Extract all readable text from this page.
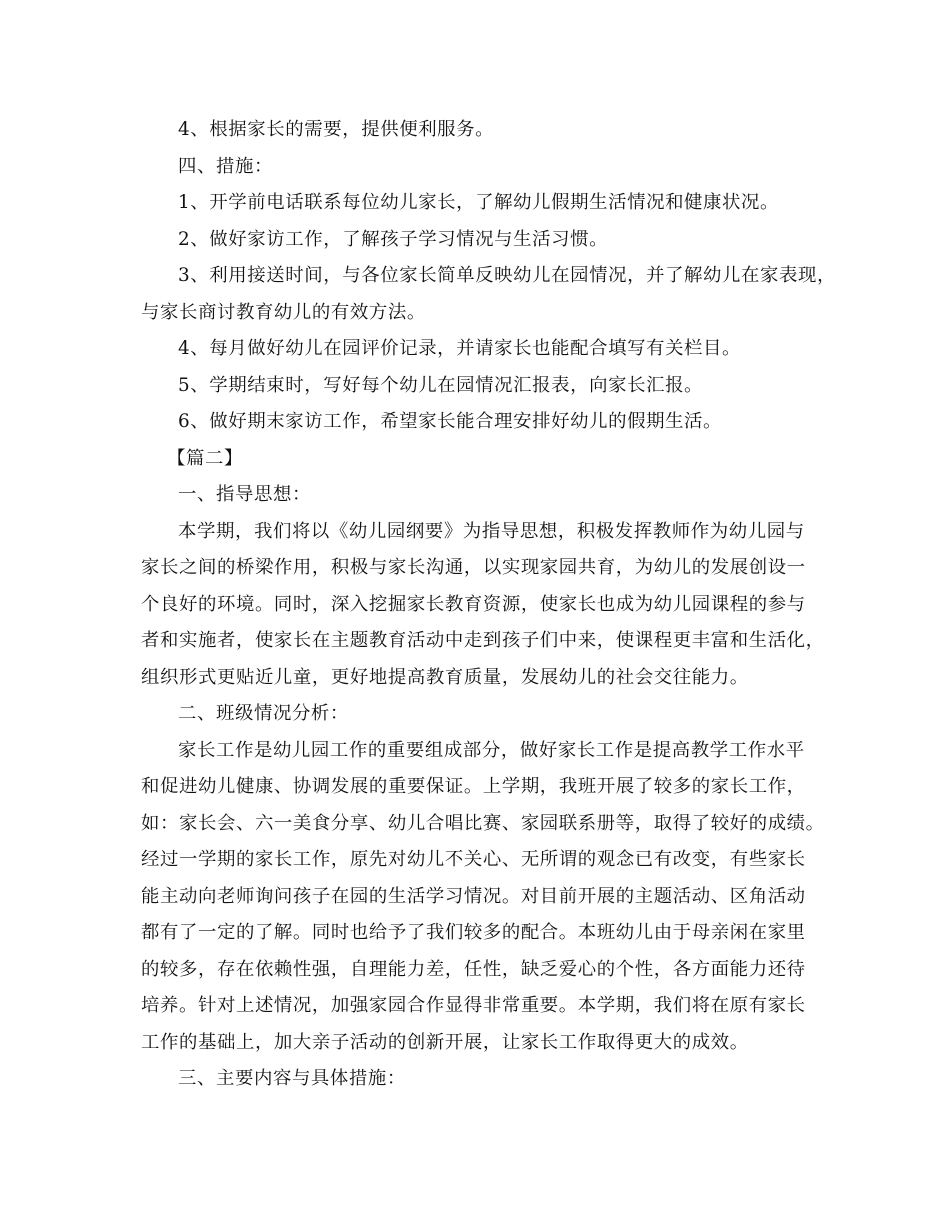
4、根据家长的需要，提供便利服务。
四、措施：
1、开学前电话联系每位幼儿家长，了解幼儿假期生活情况和健康状况。
2、做好家访工作，了解孩子学习情况与生活习惯。
3、利用接送时间，与各位家长简单反映幼儿在园情况，并了解幼儿在家表现，
与家长商讨教育幼儿的有效方法。
4、每月做好幼儿在园评价记录，并请家长也能配合填写有关栏目。
5、学期结束时，写好每个幼儿在园情况汇报表，向家长汇报。
6、做好期末家访工作，希望家长能合理安排好幼儿的假期生活。
【篇二】
一、指导思想：
本学期，我们将以《幼儿园纲要》为指导思想，积极发挥教师作为幼儿园与
家长之间的桥梁作用，积极与家长沟通，以实现家园共育，为幼儿的发展创设一
个良好的环境。同时，深入挖掘家长教育资源，使家长也成为幼儿园课程的参与
者和实施者，使家长在主题教育活动中走到孩子们中来，使课程更丰富和生活化，
组织形式更贴近儿童，更好地提高教育质量，发展幼儿的社会交往能力。
二、班级情况分析：
家长工作是幼儿园工作的重要组成部分，做好家长工作是提高教学工作水平
和促进幼儿健康、协调发展的重要保证。上学期，我班开展了较多的家长工作，
如：家长会、六一美食分享、幼儿合唱比赛、家园联系册等，取得了较好的成绩。
经过一学期的家长工作，原先对幼儿不关心、无所谓的观念已有改变，有些家长
能主动向老师询问孩子在园的生活学习情况。对目前开展的主题活动、区角活动
都有了一定的了解。同时也给予了我们较多的配合。本班幼儿由于母亲闲在家里
的较多，存在依赖性强，自理能力差，任性，缺乏爱心的个性，各方面能力还待
培养。针对上述情况，加强家园合作显得非常重要。本学期，我们将在原有家长
工作的基础上，加大亲子活动的创新开展，让家长工作取得更大的成效。
三、主要内容与具体措施：
